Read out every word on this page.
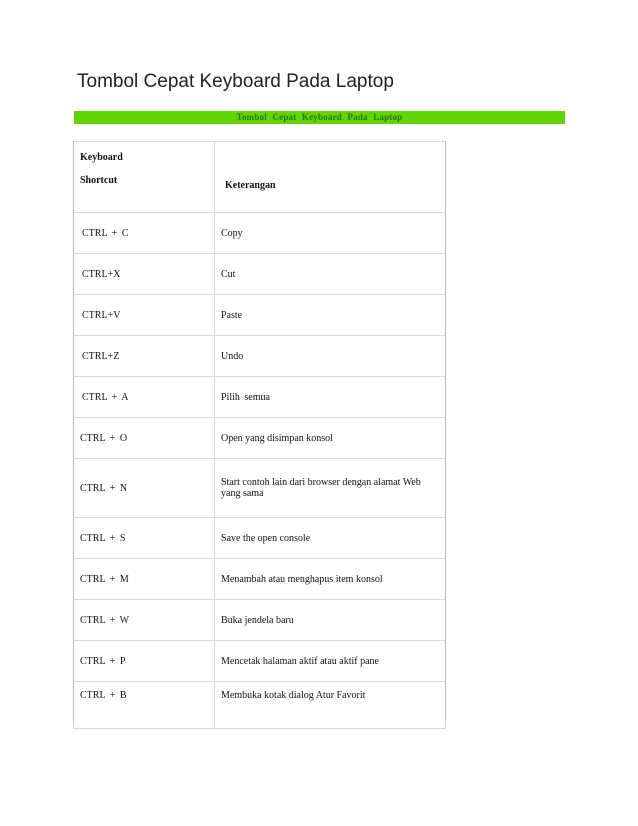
Tombol Cepat Keyboard Pada Laptop
Tombol Cepat Keyboard Pada Laptop
Keyboard
Shortcut	Keterangan

CTRL + C	Copy
CTRL+X	Cut
CTRL+V	Paste
CTRL+Z	Undo
CTRL + A	Pilih semua
CTRL + O	Open yang disimpan konsol
CTRL + N	Start contoh lain dari browser dengan alamat Web yang sama
CTRL + S	Save the open console
CTRL + M	Menambah atau menghapus item konsol
CTRL + W	Buka jendela baru
CTRL + P	Mencetak halaman aktif atau aktif pane
CTRL + B	Membuka kotak dialog Atur Favorit
